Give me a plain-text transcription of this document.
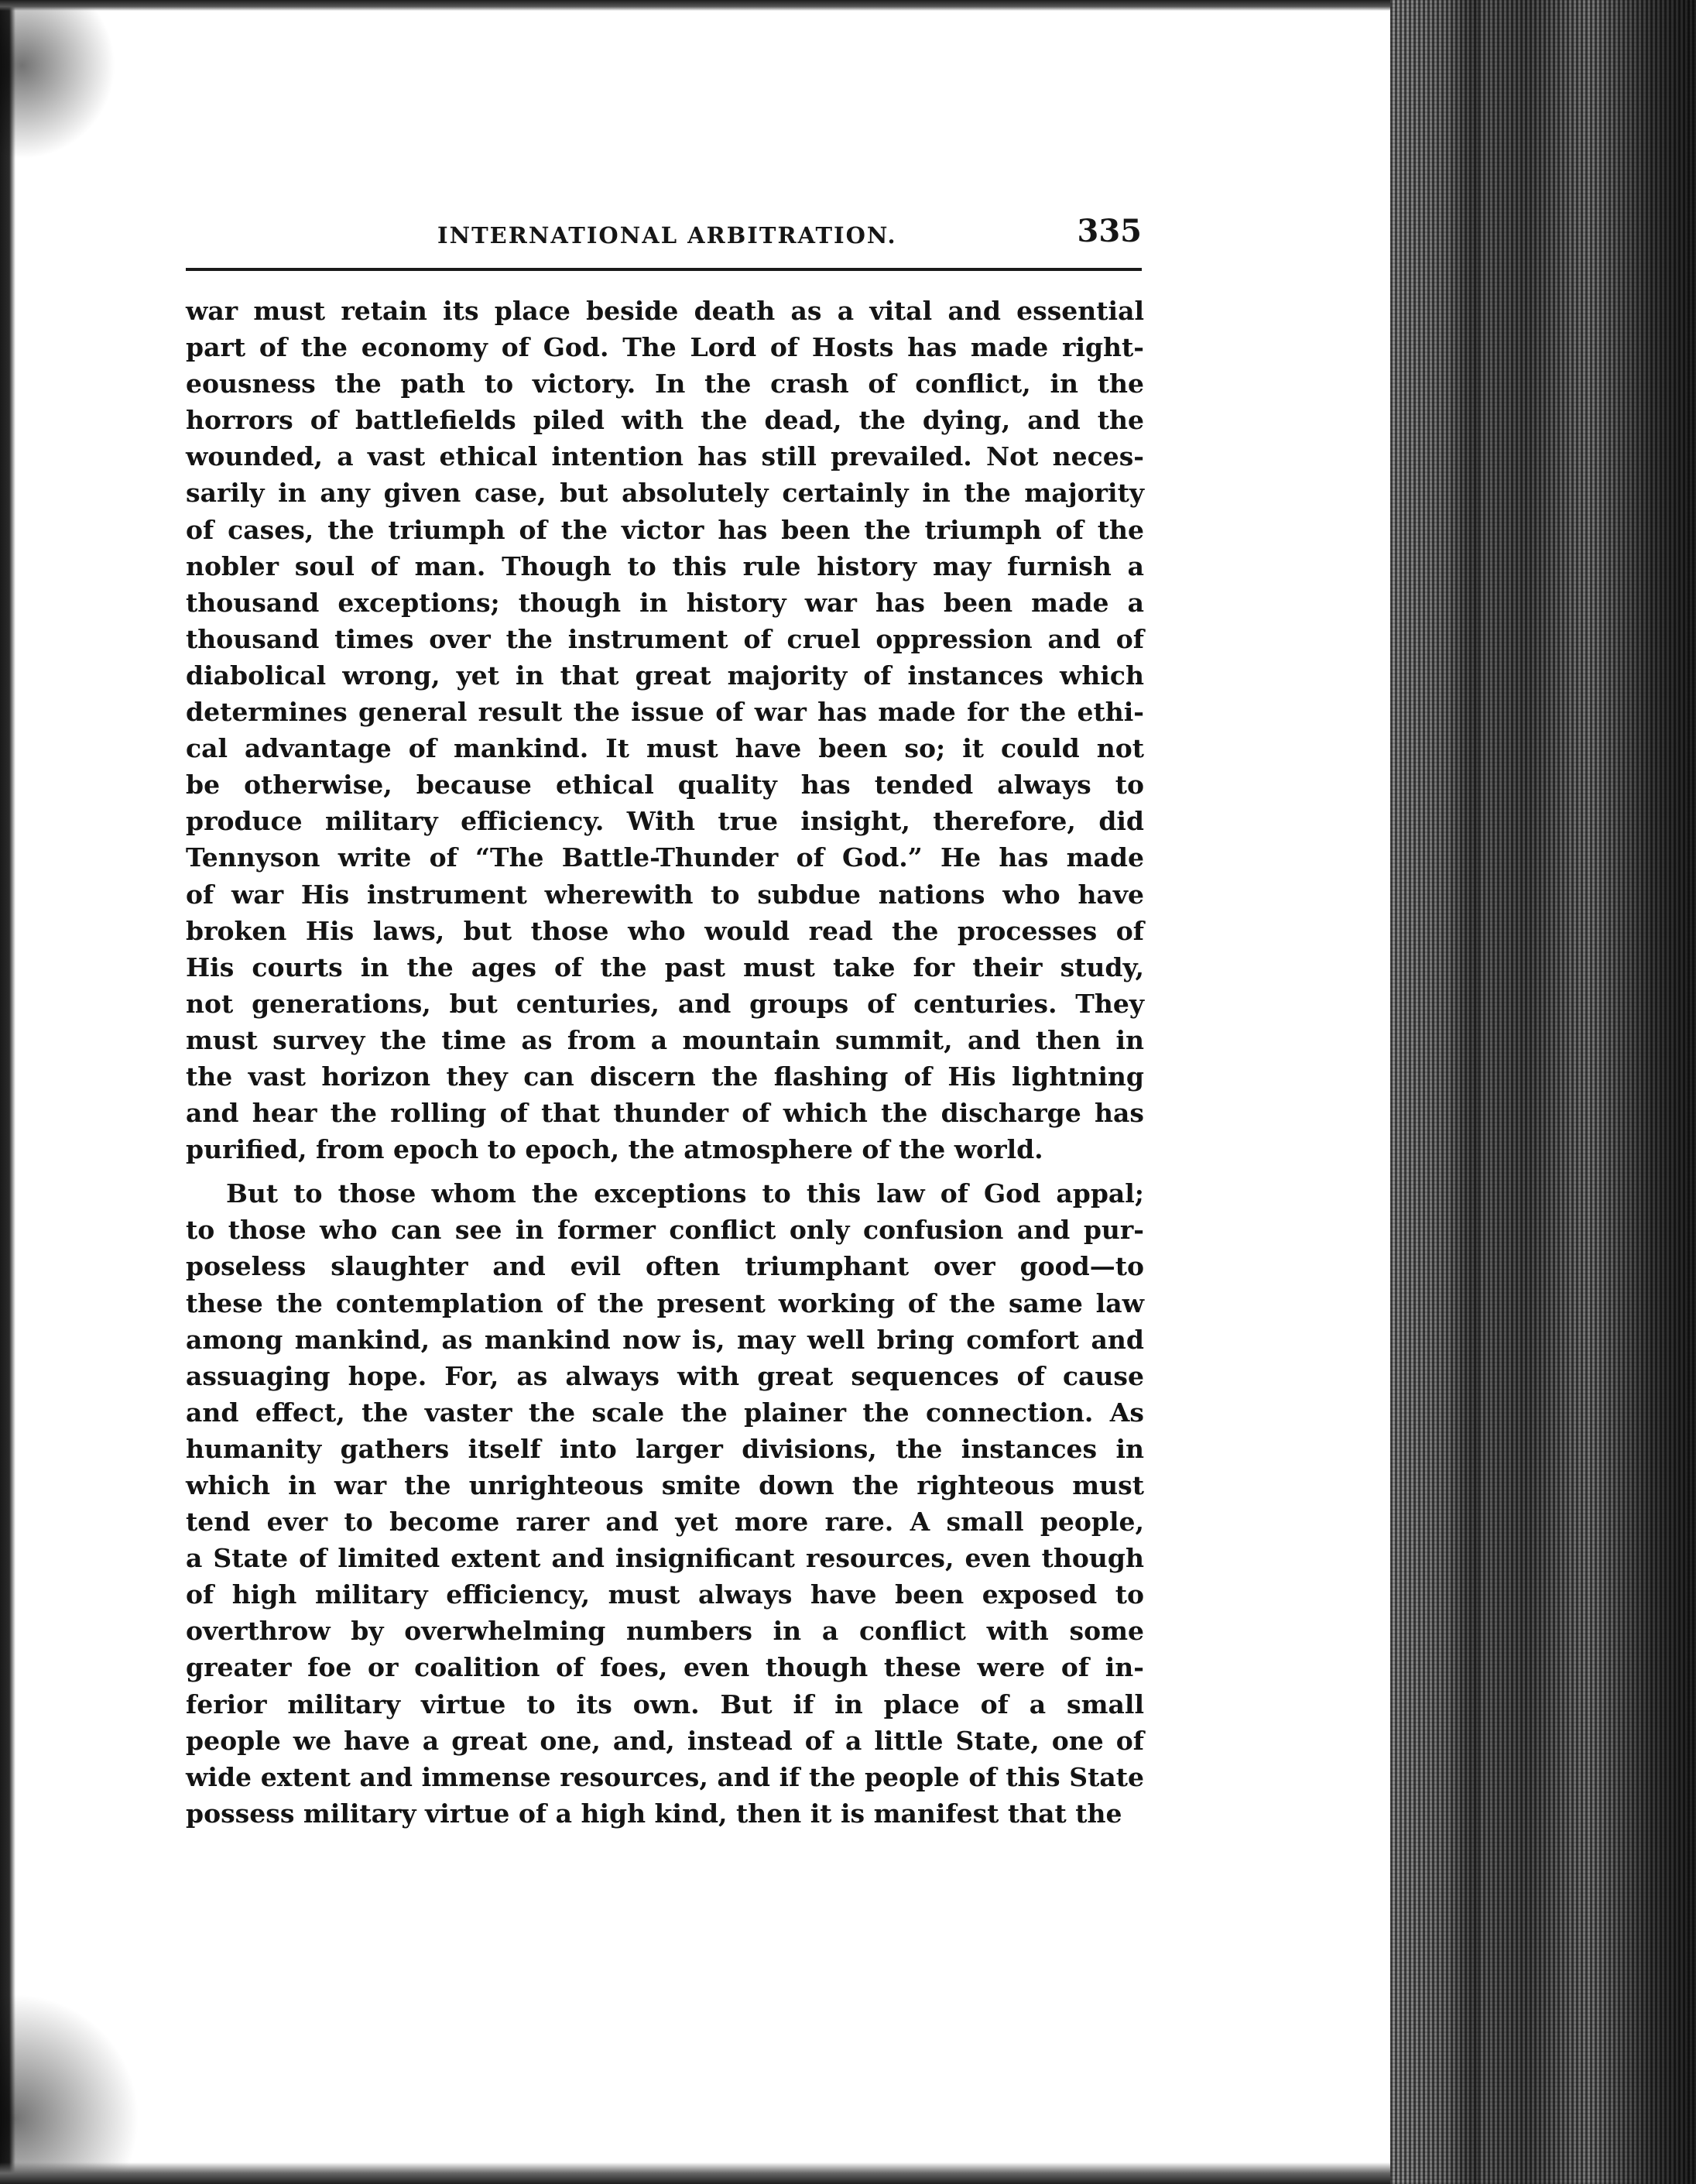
INTERNATIONAL ARBITRATION.	335
war must retain its place beside death as a vital and essential
part of the economy of God. The Lord of Hosts has made right-
eousness the path to victory. In the crash of conflict, in the
horrors of battlefields piled with the dead, the dying, and the
wounded, a vast ethical intention has still prevailed. Not neces-
sarily in any given case, but absolutely certainly in the majority
of cases, the triumph of the victor has been the triumph of the
nobler soul of man. Though to this rule history may furnish a
thousand exceptions; though in history war has been made a
thousand times over the instrument of cruel oppression and of
diabolical wrong, yet in that great majority of instances which
determines general result the issue of war has made for the ethi-
cal advantage of mankind. It must have been so; it could not
be otherwise, because ethical quality has tended always to
produce military efficiency. With true insight, therefore, did
Tennyson write of “The Battle-Thunder of God.” He has made
of war His instrument wherewith to subdue nations who have
broken His laws, but those who would read the processes of
His courts in the ages of the past must take for their study,
not generations, but centuries, and groups of centuries. They
must survey the time as from a mountain summit, and then in
the vast horizon they can discern the flashing of His lightning
and hear the rolling of that thunder of which the discharge has
purified, from epoch to epoch, the atmosphere of the world.
But to those whom the exceptions to this law of God appal;
to those who can see in former conflict only confusion and pur-
poseless slaughter and evil often triumphant over good—to
these the contemplation of the present working of the same law
among mankind, as mankind now is, may well bring comfort and
assuaging hope. For, as always with great sequences of cause
and effect, the vaster the scale the plainer the connection. As
humanity gathers itself into larger divisions, the instances in
which in war the unrighteous smite down the righteous must
tend ever to become rarer and yet more rare. A small people,
a State of limited extent and insignificant resources, even though
of high military efficiency, must always have been exposed to
overthrow by overwhelming numbers in a conflict with some
greater foe or coalition of foes, even though these were of in-
ferior military virtue to its own. But if in place of a small
people we have a great one, and, instead of a little State, one of
wide extent and immense resources, and if the people of this State
possess military virtue of a high kind, then it is manifest that the
